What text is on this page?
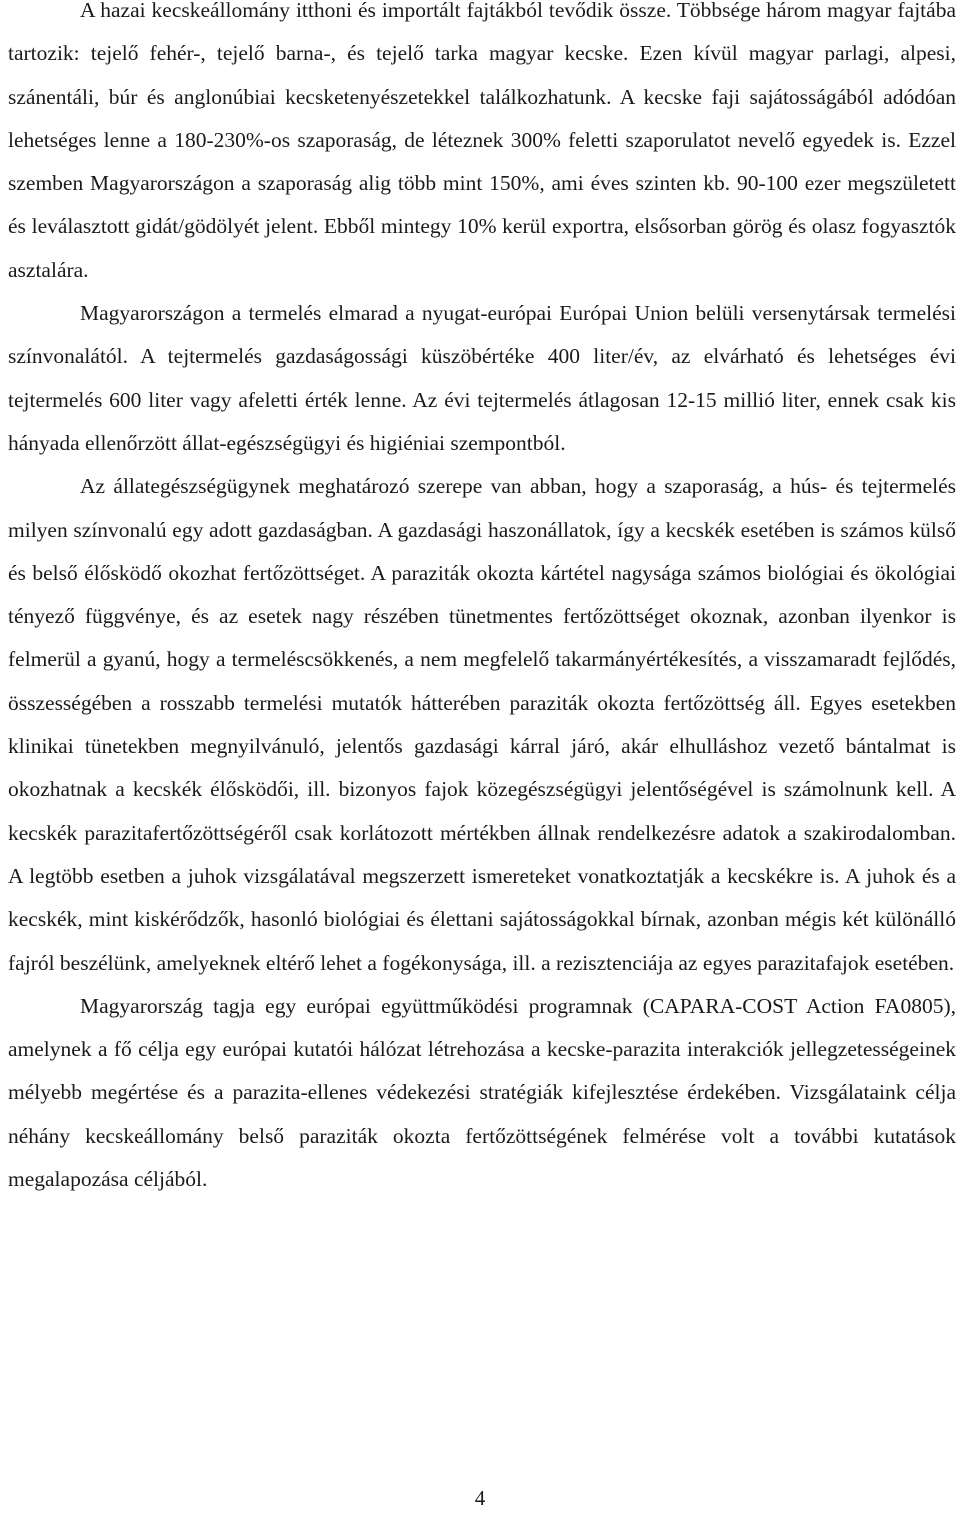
A hazai kecskeállomány itthoni és importált fajtákból tevődik össze. Többsége három magyar fajtába tartozik: tejelő fehér-, tejelő barna-, és tejelő tarka magyar kecske. Ezen kívül magyar parlagi, alpesi, szánentáli, búr és anglonúbiai kecsketenyészetekkel találkozhatunk. A kecske faji sajátosságából adódóan lehetséges lenne a 180-230%-os szaporaság, de léteznek 300% feletti szaporulatot nevelő egyedek is. Ezzel szemben Magyarországon a szaporaság alig több mint 150%, ami éves szinten kb. 90-100 ezer megszületett és leválasztott gidát/gödölyét jelent. Ebből mintegy 10% kerül exportra, elsősorban görög és olasz fogyasztók asztalára.

Magyarországon a termelés elmarad a nyugat-európai Európai Union belüli versenytársak termelési színvonalától. A tejtermelés gazdaságossági küszöbértéke 400 liter/év, az elvárható és lehetséges évi tejtermelés 600 liter vagy afeletti érték lenne. Az évi tejtermelés átlagosan 12-15 millió liter, ennek csak kis hányada ellenőrzött állat-egészségügyi és higiéniai szempontból.

Az állategészségügynek meghatározó szerepe van abban, hogy a szaporaság, a hús- és tejtermelés milyen színvonalú egy adott gazdaságban. A gazdasági haszonállatok, így a kecskék esetében is számos külső és belső élősködő okozhat fertőzöttséget. A paraziták okozta kártétel nagysága számos biológiai és ökológiai tényező függvénye, és az esetek nagy részében tünetmentes fertőzöttséget okoznak, azonban ilyenkor is felmerül a gyanú, hogy a termeléscsökkenés, a nem megfelelő takarmányértékesítés, a visszamaradt fejlődés, összességében a rosszabb termelési mutatók hátterében paraziták okozta fertőzöttség áll. Egyes esetekben klinikai tünetekben megnyilvánuló, jelentős gazdasági kárral járó, akár elhulláshoz vezető bántalmat is okozhatnak a kecskék élősködői, ill. bizonyos fajok közegészségügyi jelentőségével is számolnunk kell. A kecskék parazitafertőzöttségéről csak korlátozott mértékben állnak rendelkezésre adatok a szakirodalomban. A legtöbb esetben a juhok vizsgálatával megszerzett ismereteket vonatkoztatják a kecskékre is. A juhok és a kecskék, mint kiskérődzők, hasonló biológiai és élettani sajátosságokkal bírnak, azonban mégis két különálló fajról beszélünk, amelyeknek eltérő lehet a fogékonysága, ill. a rezisztenciája az egyes parazitafajok esetében.

Magyarország tagja egy európai együttműködési programnak (CAPARA-COST Action FA0805), amelynek a fő célja egy európai kutatói hálózat létrehozása a kecske-parazita interakciók jellegzetességeinek mélyebb megértése és a parazita-ellenes védekezési stratégiák kifejlesztése érdekében. Vizsgálataink célja néhány kecskeállomány belső paraziták okozta fertőzöttségének felmérése volt a további kutatások megalapozása céljából.

4
